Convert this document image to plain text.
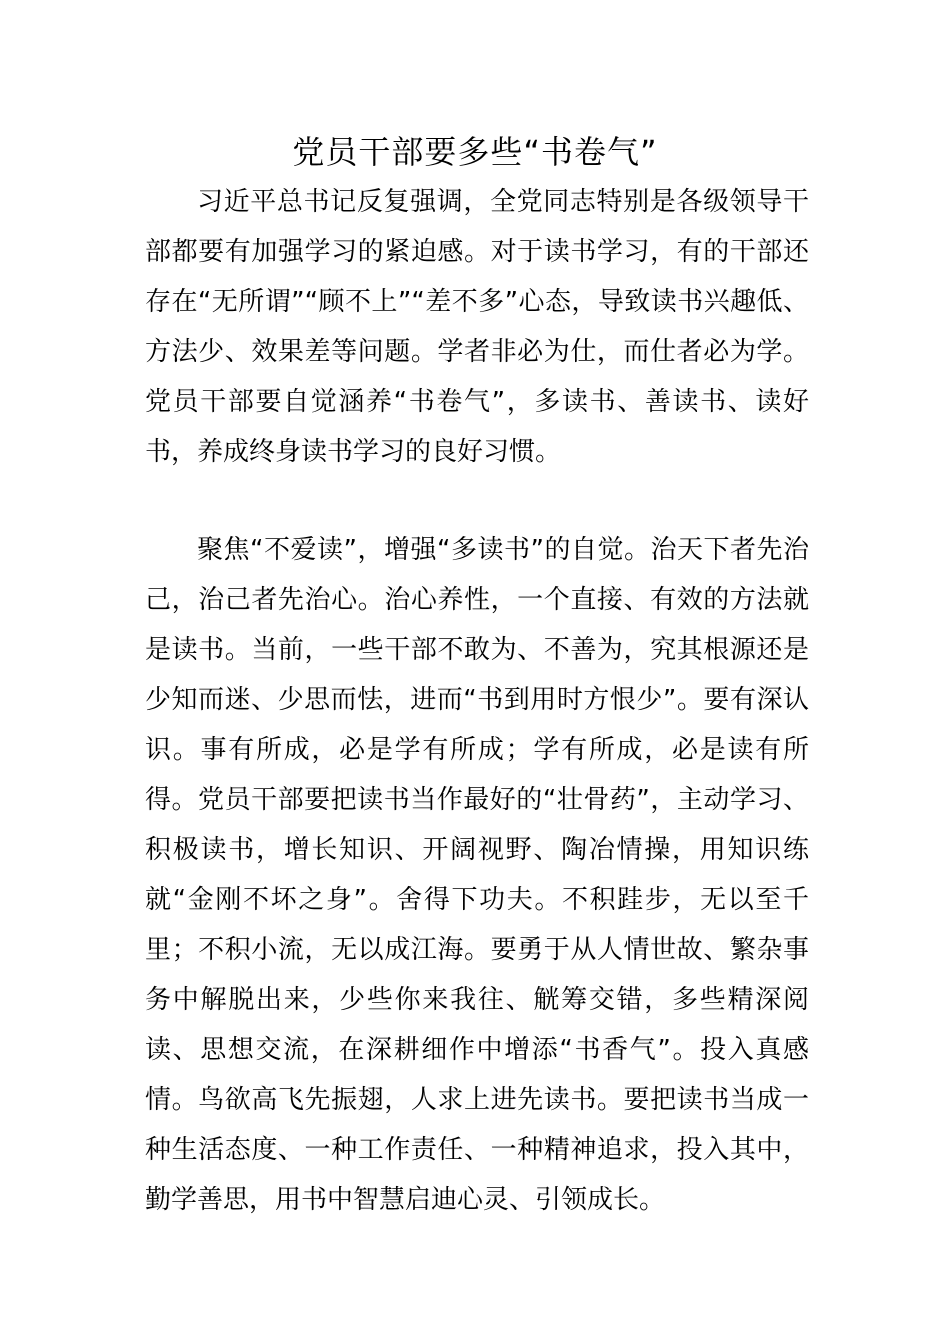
党员干部要多些“书卷气”

习近平总书记反复强调，全党同志特别是各级领导干部都要有加强学习的紧迫感。对于读书学习，有的干部还存在“无所谓”“顾不上”“差不多”心态，导致读书兴趣低、方法少、效果差等问题。学者非必为仕，而仕者必为学。党员干部要自觉涵养“书卷气”，多读书、善读书、读好书，养成终身读书学习的良好习惯。

聚焦“不爱读”，增强“多读书”的自觉。治天下者先治己，治己者先治心。治心养性，一个直接、有效的方法就是读书。当前，一些干部不敢为、不善为，究其根源还是少知而迷、少思而怯，进而“书到用时方恨少”。要有深认识。事有所成，必是学有所成；学有所成，必是读有所得。党员干部要把读书当作最好的“壮骨药”，主动学习、积极读书，增长知识、开阔视野、陶冶情操，用知识练就“金刚不坏之身”。舍得下功夫。不积跬步，无以至千里；不积小流，无以成江海。要勇于从人情世故、繁杂事务中解脱出来，少些你来我往、觥筹交错，多些精深阅读、思想交流，在深耕细作中增添“书香气”。投入真感情。鸟欲高飞先振翅，人求上进先读书。要把读书当成一种生活态度、一种工作责任、一种精神追求，投入其中，勤学善思，用书中智慧启迪心灵、引领成长。
